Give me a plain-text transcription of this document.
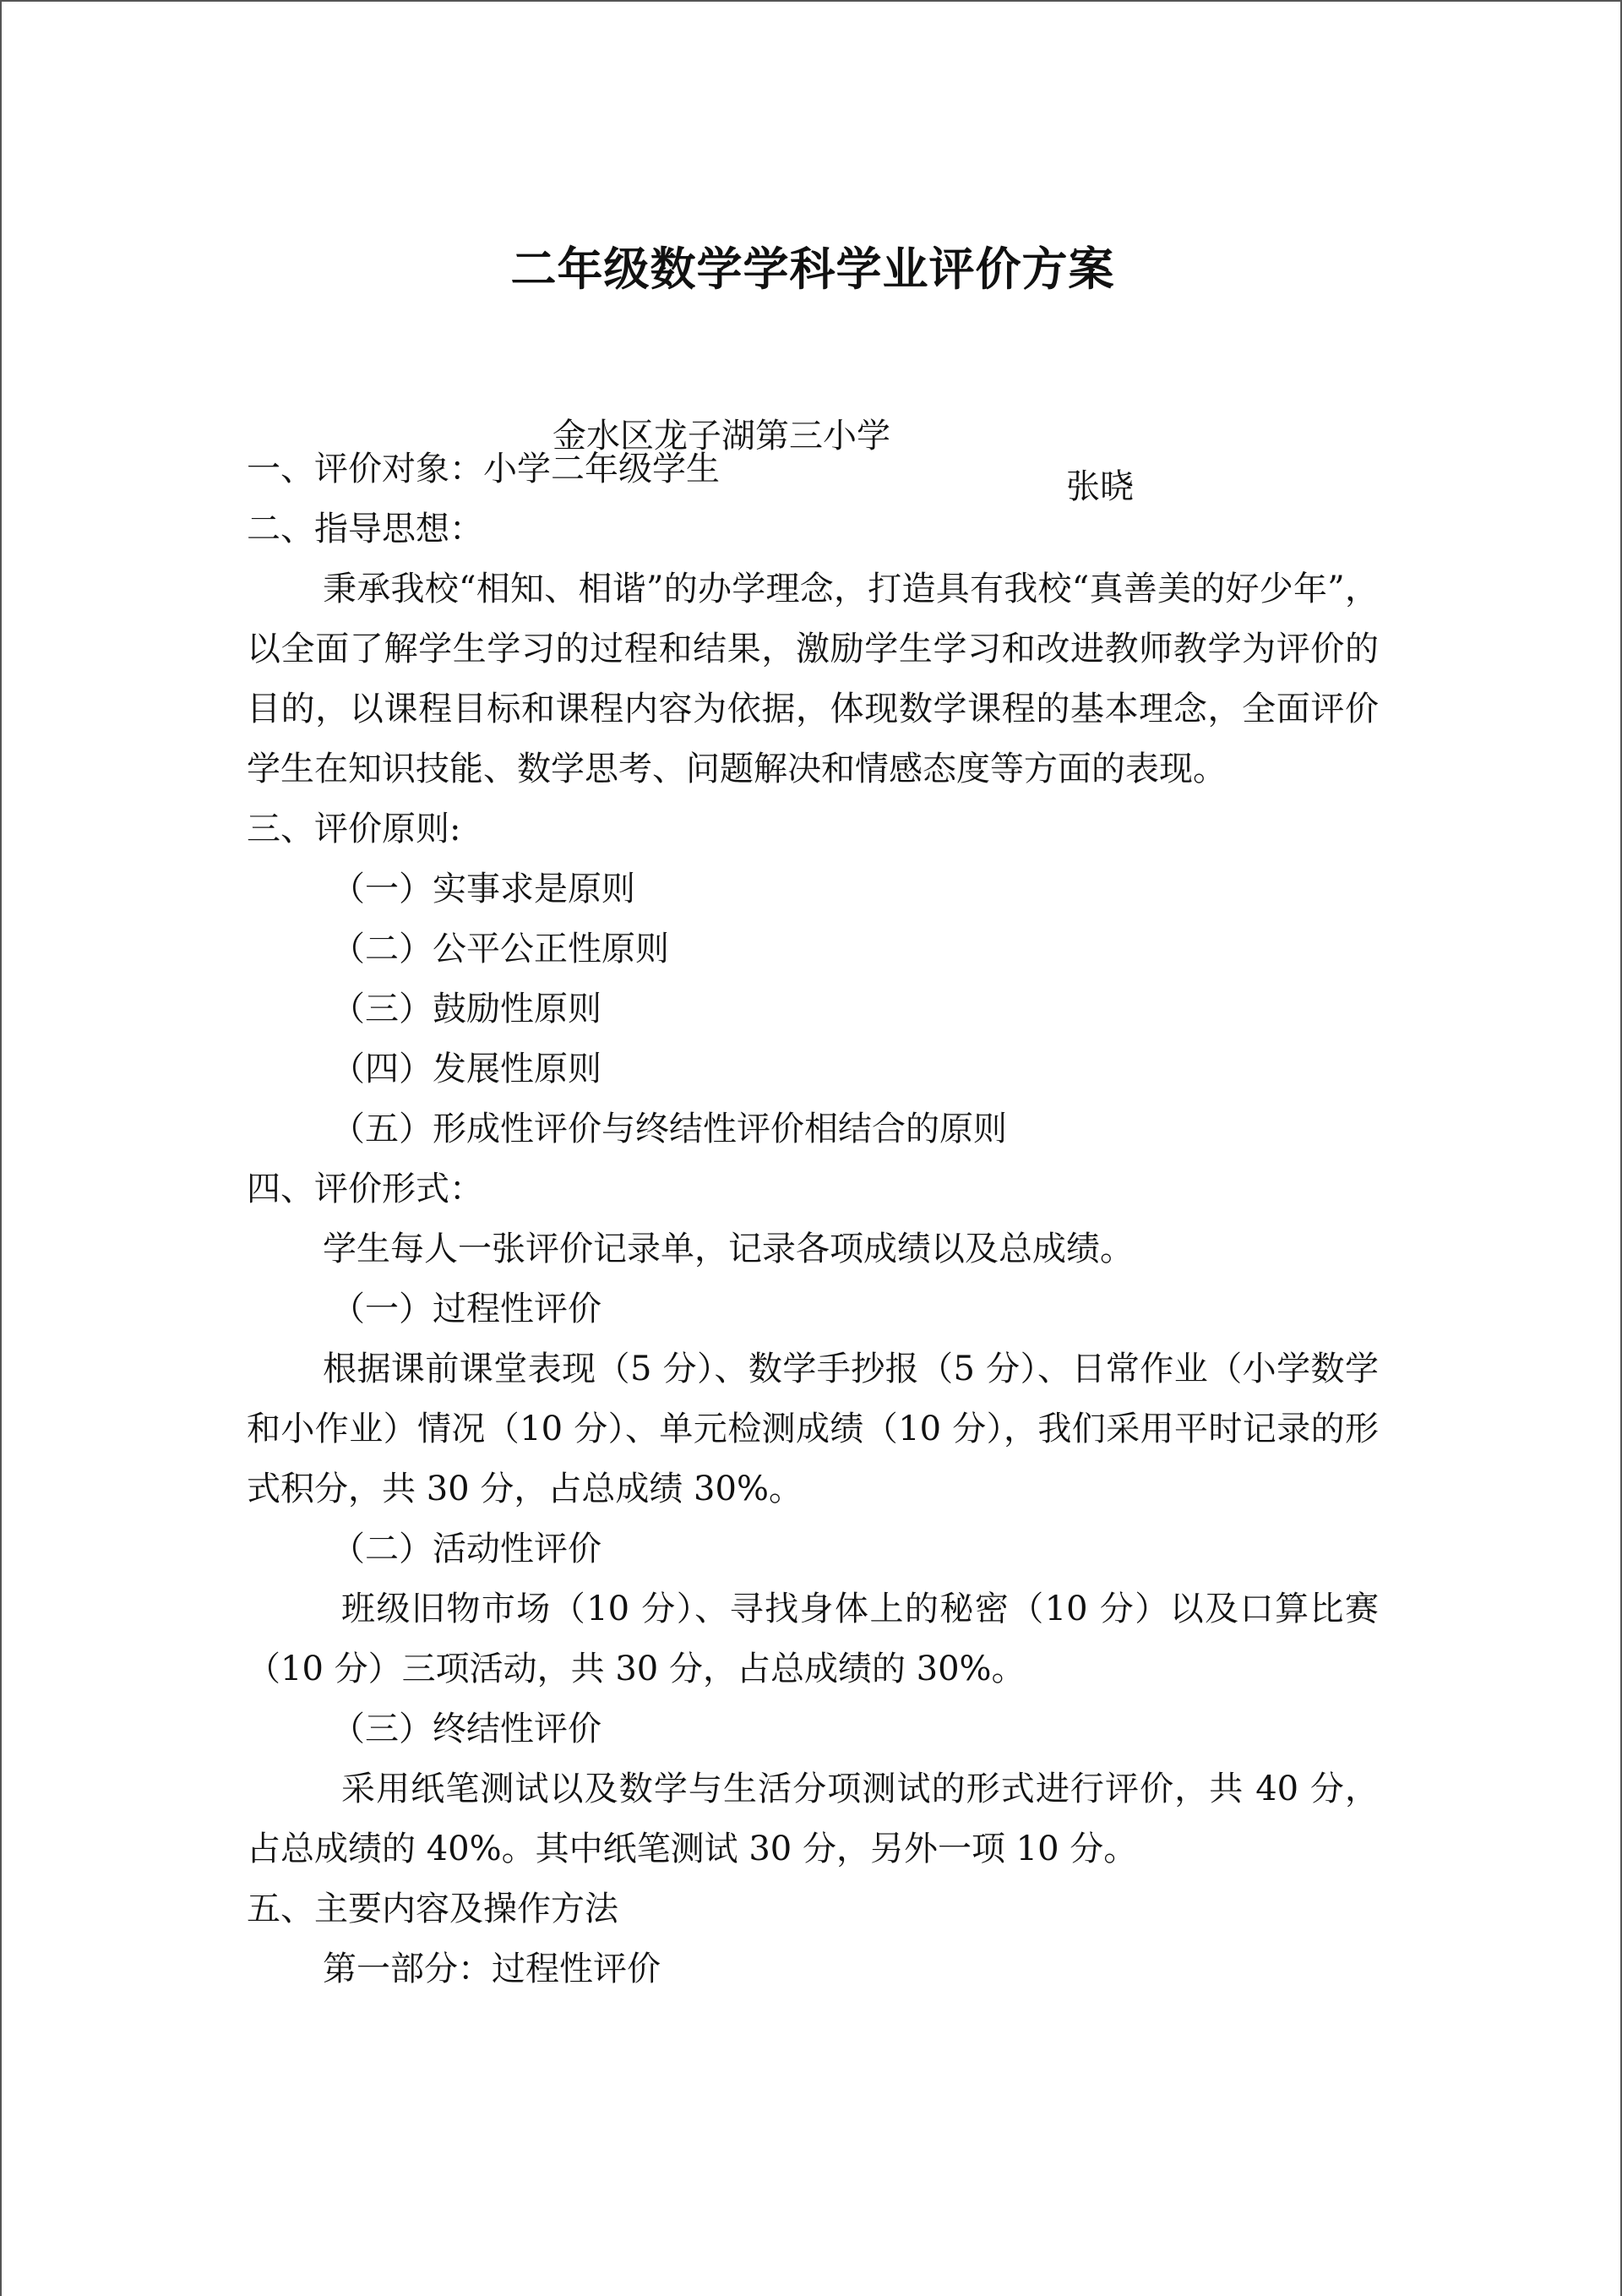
二年级数学学科学业评价方案

金水区龙子湖第三小学

张晓

一、评价对象：小学二年级学生

二、指导思想：

秉承我校“相知、相谐”的办学理念，打造具有我校“真善美的好少年”，以全面了解学生学习的过程和结果，激励学生学习和改进教师教学为评价的目的，以课程目标和课程内容为依据，体现数学课程的基本理念，全面评价学生在知识技能、数学思考、问题解决和情感态度等方面的表现。

三、评价原则:

（一）实事求是原则
（二）公平公正性原则
（三）鼓励性原则
（四）发展性原则
（五）形成性评价与终结性评价相结合的原则

四、评价形式：

学生每人一张评价记录单，记录各项成绩以及总成绩。

（一）过程性评价

根据课前课堂表现（5 分）、数学手抄报（5 分）、日常作业（小学数学和小作业）情况（10 分）、单元检测成绩（10 分），我们采用平时记录的形式积分，共 30 分，占总成绩 30%。

（二）活动性评价

班级旧物市场（10 分）、寻找身体上的秘密（10 分）以及口算比赛（10 分）三项活动，共 30 分，占总成绩的 30%。

（三）终结性评价

采用纸笔测试以及数学与生活分项测试的形式进行评价，共 40 分，占总成绩的 40%。其中纸笔测试 30 分，另外一项 10 分。

五、主要内容及操作方法

第一部分：过程性评价
